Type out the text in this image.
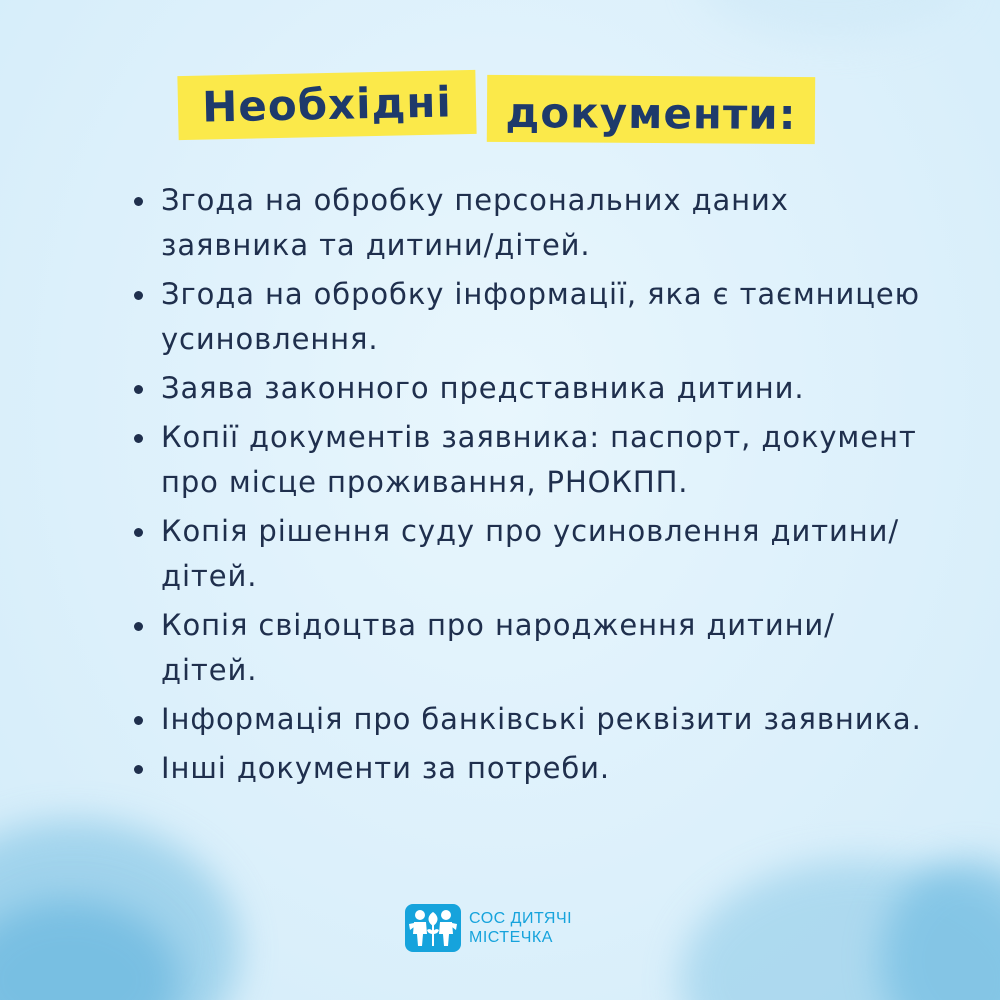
Необхідні документи:
Згода на обробку персональних даних заявника та дитини/дітей.
Згода на обробку інформації, яка є таємницею усиновлення.
Заява законного представника дитини.
Копії документів заявника: паспорт, документ про місце проживання, РНОКПП.
Копія рішення суду про усиновлення дитини/дітей.
Копія свідоцтва про народження дитини/ дітей.
Інформація про банківські реквізити заявника.
Інші документи за потреби.
СОС ДИТЯЧІ
МІСТЕЧКА
